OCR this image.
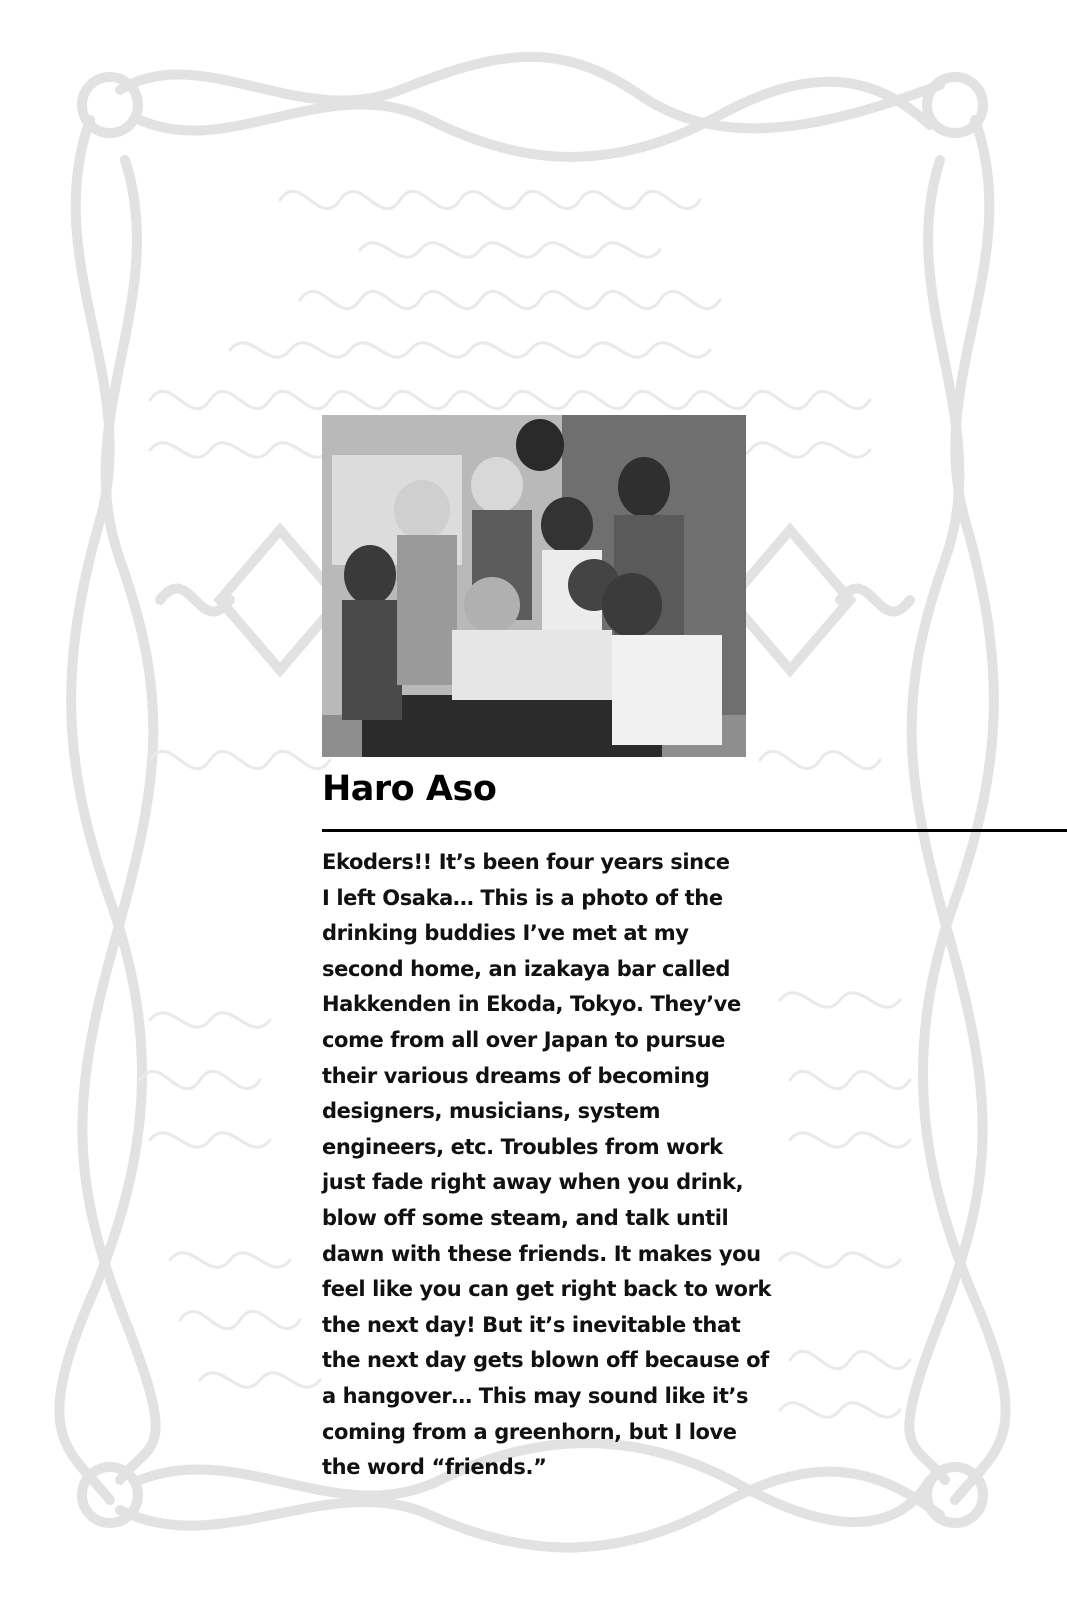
Haro Aso

Ekoders!! It’s been four years since
I left Osaka… This is a photo of the
drinking buddies I’ve met at my
second home, an izakaya bar called
Hakkenden in Ekoda, Tokyo. They’ve
come from all over Japan to pursue
their various dreams of becoming
designers, musicians, system
engineers, etc. Troubles from work
just fade right away when you drink,
blow off some steam, and talk until
dawn with these friends. It makes you
feel like you can get right back to work
the next day! But it’s inevitable that
the next day gets blown off because of
a hangover… This may sound like it’s
coming from a greenhorn, but I love
the word “friends.”
